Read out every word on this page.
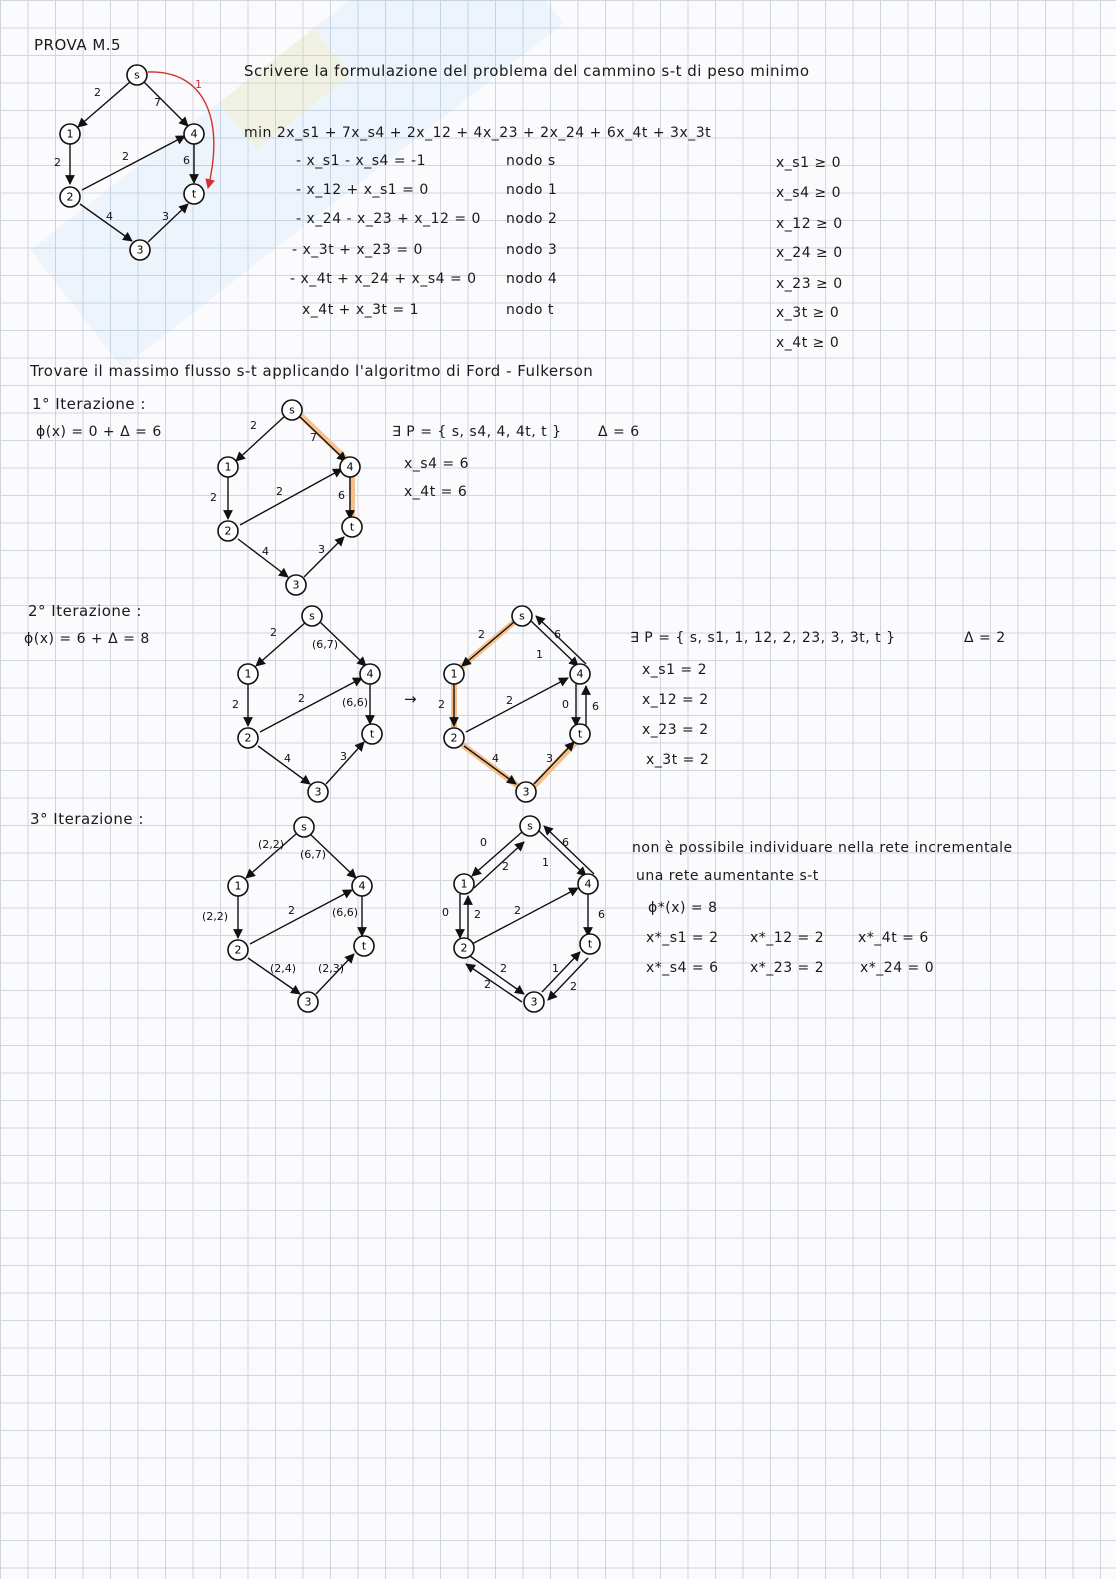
PROVA M.5
2
7
1
2	2	6
4	3
s
1	4
2	t
3
Scrivere la formulazione del problema del cammino s-t di peso minimo
min 2x_s1 + 7x_s4 + 2x_12 + 4x_23 + 2x_24 + 6x_4t + 3x_3t
- x_s1 - x_s4 = -1	nodo s
- x_12 + x_s1 = 0	nodo 1
- x_24 - x_23 + x_12 = 0 nodo 2
- x_3t + x_23 = 0	nodo 3
- x_4t + x_24 + x_s4 = 0 nodo 4
x_4t + x_3t = 1	nodo t
x_s1 ≥ 0
x_s4 ≥ 0
x_12 ≥ 0
x_24 ≥ 0
x_23 ≥ 0
x_3t ≥ 0
x_4t ≥ 0
Trovare il massimo flusso s-t applicando l'algoritmo di Ford - Fulkerson
1° Iterazione :
ϕ(x) = 0 + Δ = 6	2
7
2	2	6
4	3
s
1	4
2	t
3
∃ P = { s, s4, 4, 4t, t }	Δ = 6
x_s4 = 6
x_4t = 6
2° Iterazione :
ϕ(x) = 6 + Δ = 8	2
(6,7)
2	2	(6,6)
4	3
s
1	4
2	t
3
→
2
1
6
2	2	0 6
4	3
s
1	4
2	t
3
∃ P = { s, s1, 1, 12, 2, 23, 3, 3t, t }	Δ = 2
x_s1 = 2
x_12 = 2
x_23 = 2
x_3t = 2
3° Iterazione :
(2,2)
(6,7)
(2,2)	2	(6,6)
(2,4) (2,3)
s
1	4
2	t
3
0
2	1
6
0 2	2	6
2
2
1
2
s
1	4
2	t
3
non è possibile individuare nella rete incrementale
una rete aumentante s-t
ϕ*(x) = 8
x*_s1 = 2 x*_12 = 2 x*_4t = 6
x*_s4 = 6 x*_23 = 2	x*_24 = 0
